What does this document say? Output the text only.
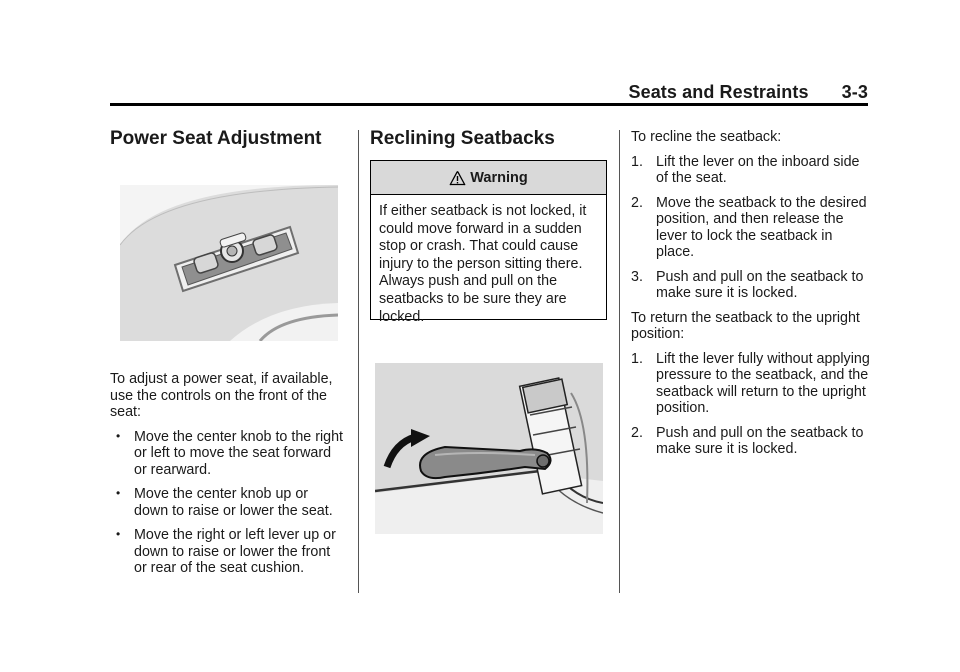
Seats and Restraints 3-3
Power Seat Adjustment

To adjust a power seat, if available, use the controls on the front of the seat:

• Move the center knob to the right or left to move the seat forward or rearward.
• Move the center knob up or down to raise or lower the seat.
• Move the right or left lever up or down to raise or lower the front or rear of the seat cushion.
Reclining Seatbacks
Warning
If either seatback is not locked, it could move forward in a sudden stop or crash. That could cause injury to the person sitting there. Always push and pull on the seatbacks to be sure they are locked.

To recline the seatback:

1. Lift the lever on the inboard side of the seat.
2. Move the seatback to the desired position, and then release the lever to lock the seatback in place.
3. Push and pull on the seatback to make sure it is locked.

To return the seatback to the upright position:

1. Lift the lever fully without applying pressure to the seatback, and the seatback will return to the upright position.
2. Push and pull on the seatback to make sure it is locked.
